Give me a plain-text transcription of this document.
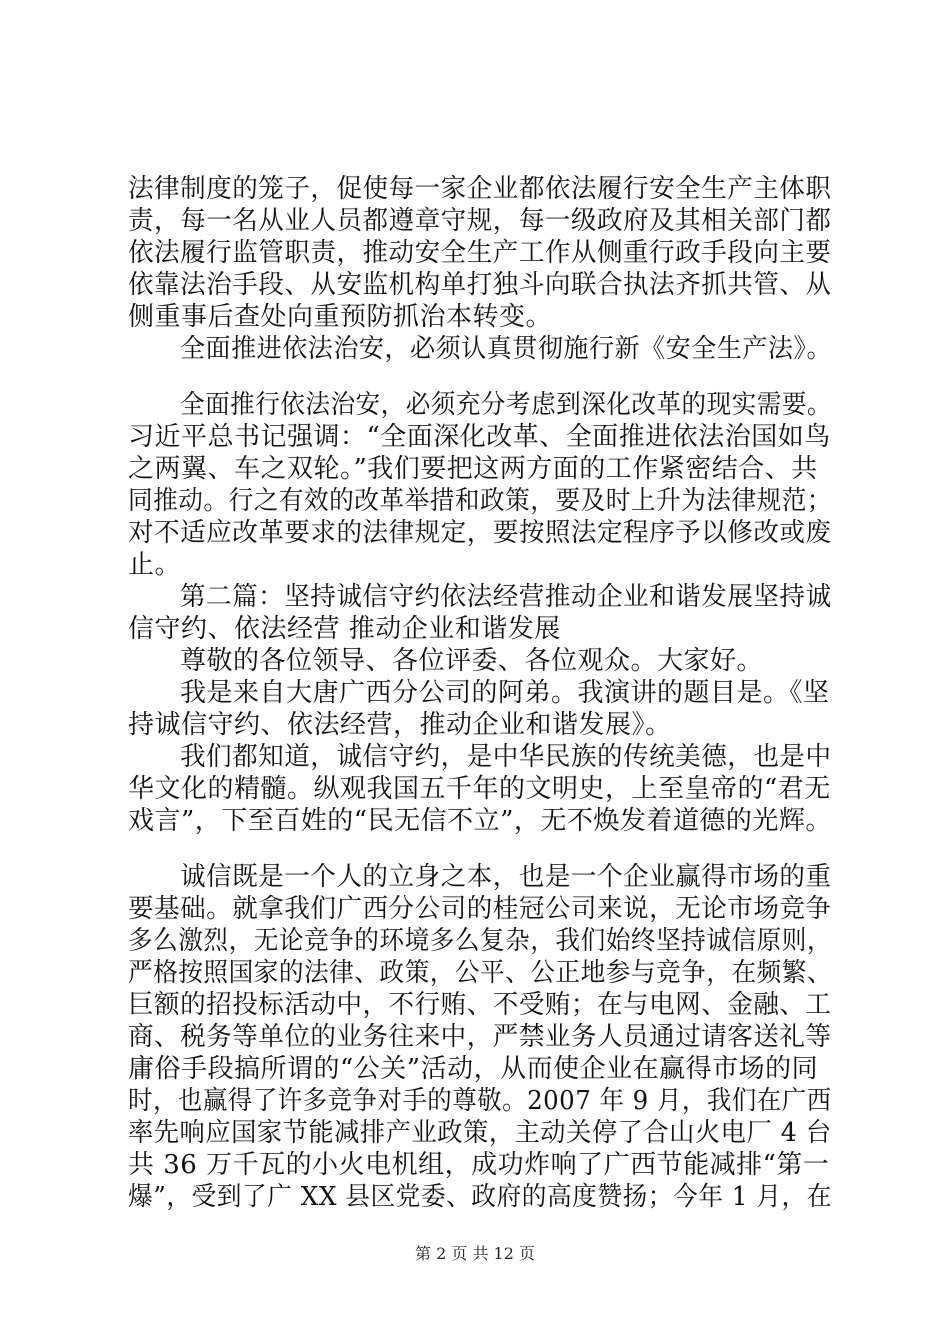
法律制度的笼子，促使每一家企业都依法履行安全生产主体职
责，每一名从业人员都遵章守规，每一级政府及其相关部门都
依法履行监管职责，推动安全生产工作从侧重行政手段向主要
依靠法治手段、从安监机构单打独斗向联合执法齐抓共管、从
侧重事后查处向重预防抓治本转变。
全面推进依法治安，必须认真贯彻施行新《安全生产法》。
全面推行依法治安，必须充分考虑到深化改革的现实需要。
习近平总书记强调：“全面深化改革、全面推进依法治国如鸟
之两翼、车之双轮。”我们要把这两方面的工作紧密结合、共
同推动。行之有效的改革举措和政策，要及时上升为法律规范；
对不适应改革要求的法律规定，要按照法定程序予以修改或废
止。
第二篇：坚持诚信守约依法经营推动企业和谐发展坚持诚
信守约、依法经营 推动企业和谐发展
尊敬的各位领导、各位评委、各位观众。大家好。
我是来自大唐广西分公司的阿弟。我演讲的题目是。《坚
持诚信守约、依法经营，推动企业和谐发展》。
我们都知道，诚信守约，是中华民族的传统美德，也是中
华文化的精髓。纵观我国五千年的文明史，上至皇帝的“君无
戏言”，下至百姓的“民无信不立”，无不焕发着道德的光辉。
诚信既是一个人的立身之本，也是一个企业赢得市场的重
要基础。就拿我们广西分公司的桂冠公司来说，无论市场竞争
多么激烈，无论竞争的环境多么复杂，我们始终坚持诚信原则，
严格按照国家的法律、政策，公平、公正地参与竞争，在频繁、
巨额的招投标活动中，不行贿、不受贿；在与电网、金融、工
商、税务等单位的业务往来中，严禁业务人员通过请客送礼等
庸俗手段搞所谓的“公关”活动，从而使企业在赢得市场的同
时，也赢得了许多竞争对手的尊敬。2007 年 9 月，我们在广西
率先响应国家节能减排产业政策，主动关停了合山火电厂 4 台
共 36 万千瓦的小火电机组，成功炸响了广西节能减排“第一
爆”，受到了广 XX 县区党委、政府的高度赞扬；今年 1 月，在
第 2 页 共 12 页
